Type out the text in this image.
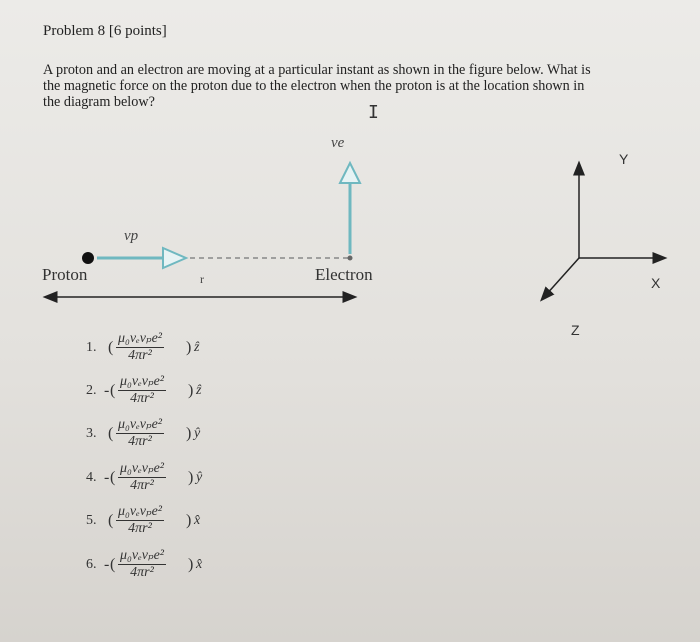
Problem 8 [6 points]
A proton and an electron are moving at a particular instant as shown in the figure below. What is the magnetic force on the proton due to the electron when the proton is at the location shown in the diagram below?	I
Proton	Electron
r
vp
ve
Y
X
Z
1. (
μ₀vₑvₚe²
4πr²	) ẑ
2. - (
μ₀vₑvₚe²
4πr²	) ẑ
3. (
μ₀vₑvₚe²
4πr²	) ŷ
4. - (
μ₀vₑvₚe²
4πr²	) ŷ
5. (
μ₀vₑvₚe²
4πr²	) x̂
6. - (
μ₀vₑvₚe²
4πr²	) x̂
